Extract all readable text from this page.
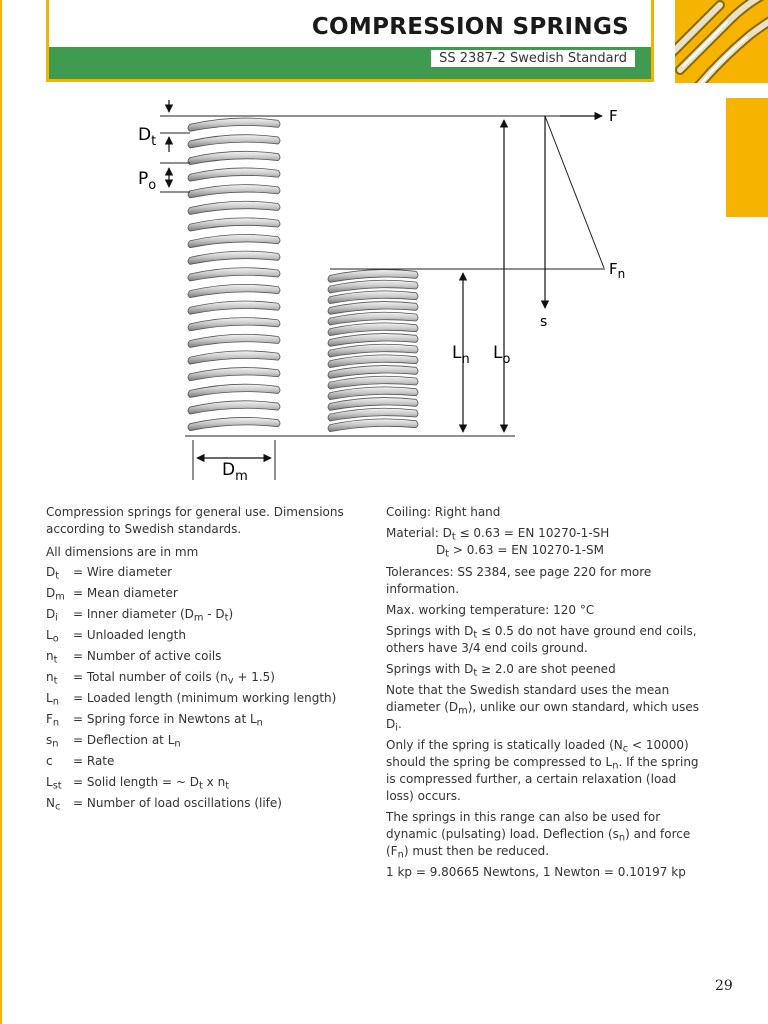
COMPRESSION SPRINGS
SS 2387-2 Swedish Standard
$D_t$
$P_o$
$D_m$
F
$F_n$
s
$L_n$ $L_o$

Compression springs for general use. Dimensions according to Swedish standards.

All dimensions are in mm

$D_t$	= Wire diameter
$D_m$ = Mean diameter
$D_i$	= Inner diameter $(D_m - D_t)$
$L_o$	= Unloaded length
$n_t$	= Number of active coils
$n_t$	= Total number of coils $(n_v + 1.5)$
$L_n$	= Loaded length (minimum working length)
$F_n$	= Spring force in Newtons at $L_n$
$s_n$	= Deflection at $L_n$
c	= Rate
$L_{st}$ = Solid length = ~ $D_t$ x $n_t$
$N_c$	= Number of load oscillations (life)

Coiling: Right hand

Material: $D_t \le 0.63$ = EN 10270-1-SH
$D_t > 0.63$ = EN 10270-1-SM

Tolerances: SS 2384, see page 220 for more information.

Max. working temperature: 120 °C

Springs with $D_t \le 0.5$ do not have ground end coils, others have 3/4 end coils ground.

Springs with $D_t \ge 2.0$ are shot peened

Note that the Swedish standard uses the mean diameter $(D_m)$, unlike our own standard, which uses $D_i$.

Only if the spring is statically loaded $(N_c < 10000)$ should the spring be compressed to $L_n$. If the spring is compressed further, a certain relaxation (load loss) occurs.

The springs in this range can also be used for dynamic (pulsating) load. Deflection $(s_n)$ and force $(F_n)$ must then be reduced.

1 kp = 9.80665 Newtons, 1 Newton = 0.10197 kp

29
